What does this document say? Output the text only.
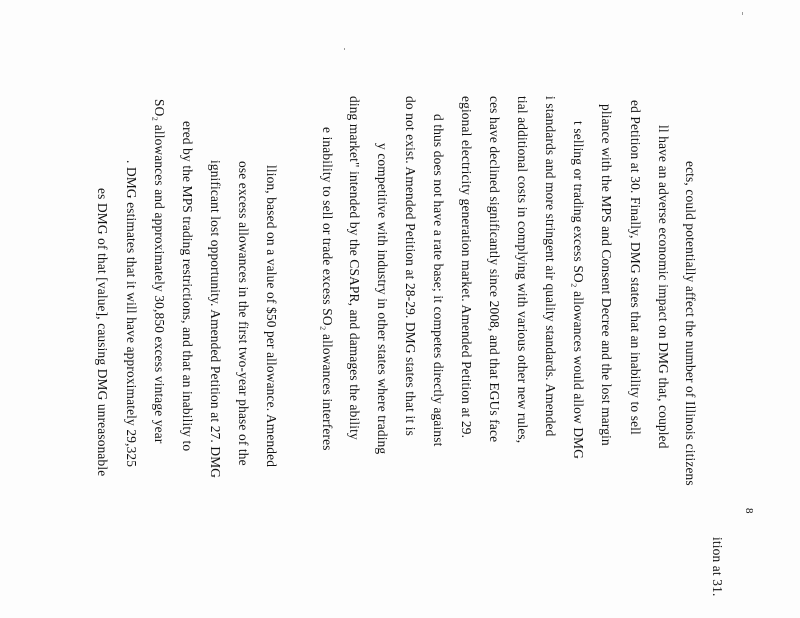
es DMG of that [value], causing DMG unreasonable . DMG estimates that it will have approximately 29,325 SO₂ allowances and approximately 30,850 excess vintage year ered by the MPS trading restrictions, and that an inability to ignificant lost opportunity. Amended Petition at 27. DMG ose excess allowances in the first two-year phase of the llion, based on a value of $50 per allowance. Amended	e inability to sell or trade excess SO₂ allowances interferes ding market" intended by the CSAPR, and damages the ability y competitive with industry in other states where trading do not exist. Amended Petition at 28-29. DMG states that it is d thus does not have a rate base; it competes directly against egional electricity generation market. Amended Petition at 29. ces have declined significantly since 2008, and that EGUs face tial additional costs in complying with various other new rules, i standards and more stringent air quality standards. Amended t selling or trading excess SO₂ allowances would allow DMG pliance with the MPS and Consent Decree and the lost margin ed Petition at 30. Finally, DMG states that an inability to sell ll have an adverse economic impact on DMG that, coupled ects, could potentially affect the number of Illinois citizens
ition at 31.
8
